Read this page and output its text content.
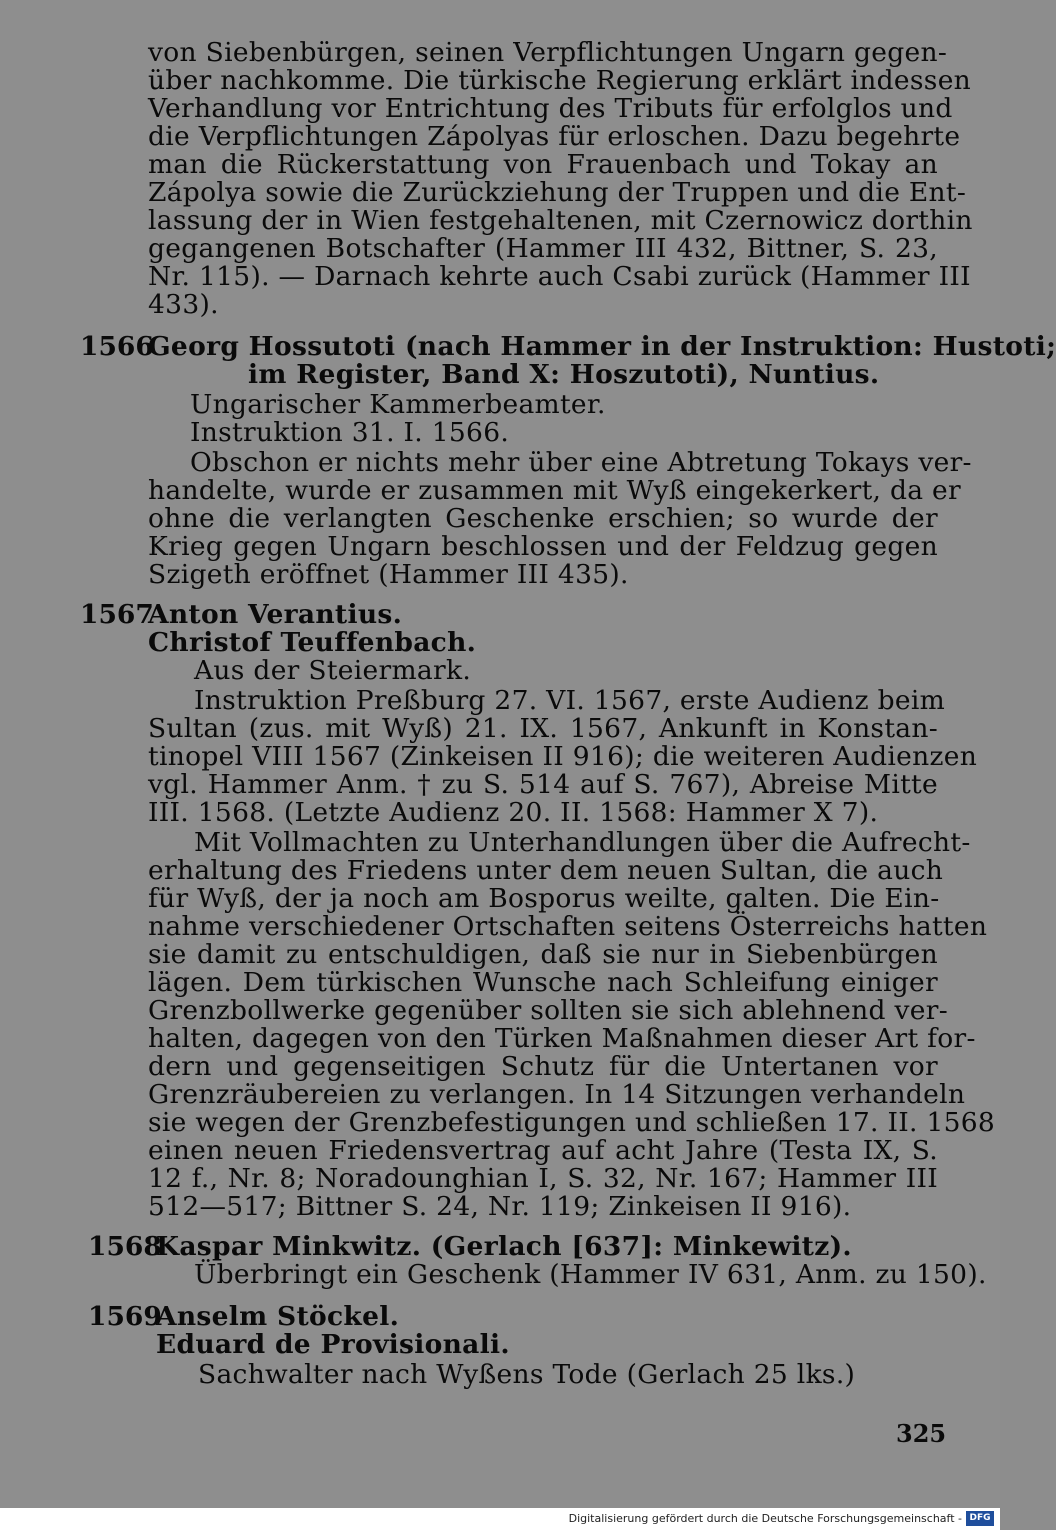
von Siebenbürgen, seinen Verpflichtungen Ungarn gegen-
über nachkomme. Die türkische Regierung erklärt indessen
Verhandlung vor Entrichtung des Tributs für erfolglos und
die Verpflichtungen Zápolyas für erloschen. Dazu begehrte
man die Rückerstattung von Frauenbach und Tokay an
Zápolya sowie die Zurückziehung der Truppen und die Ent-
lassung der in Wien festgehaltenen, mit Czernowicz dorthin
gegangenen Botschafter (Hammer III 432, Bittner, S. 23,
Nr. 115). — Darnach kehrte auch Csabi zurück (Hammer III
433).
1566
Georg Hossutoti (nach Hammer in der Instruktion: Hustoti;
im Register, Band X: Hoszutoti), Nuntius.
Ungarischer Kammerbeamter.
Instruktion 31. I. 1566.
Obschon er nichts mehr über eine Abtretung Tokays ver-
handelte, wurde er zusammen mit Wyß eingekerkert, da er
ohne die verlangten Geschenke erschien; so wurde der
Krieg gegen Ungarn beschlossen und der Feldzug gegen
Szigeth eröffnet (Hammer III 435).
1567
Anton Verantius.
Christof Teuffenbach.
Aus der Steiermark.
Instruktion Preßburg 27. VI. 1567, erste Audienz beim
Sultan (zus. mit Wyß) 21. IX. 1567, Ankunft in Konstan-
tinopel VIII 1567 (Zinkeisen II 916); die weiteren Audienzen
vgl. Hammer Anm. † zu S. 514 auf S. 767), Abreise Mitte
III. 1568. (Letzte Audienz 20. II. 1568: Hammer X 7).
Mit Vollmachten zu Unterhandlungen über die Aufrecht-
erhaltung des Friedens unter dem neuen Sultan, die auch
für Wyß, der ja noch am Bosporus weilte, galten. Die Ein-
nahme verschiedener Ortschaften seitens Österreichs hatten
sie damit zu entschuldigen, daß sie nur in Siebenbürgen
lägen. Dem türkischen Wunsche nach Schleifung einiger
Grenzbollwerke gegenüber sollten sie sich ablehnend ver-
halten, dagegen von den Türken Maßnahmen dieser Art for-
dern und gegenseitigen Schutz für die Untertanen vor
Grenzräubereien zu verlangen. In 14 Sitzungen verhandeln
sie wegen der Grenzbefestigungen und schließen 17. II. 1568
einen neuen Friedensvertrag auf acht Jahre (Testa IX, S.
12 f., Nr. 8; Noradounghian I, S. 32, Nr. 167; Hammer III
512—517; Bittner S. 24, Nr. 119; Zinkeisen II 916).
1568
Kaspar Minkwitz. (Gerlach [637]: Minkewitz).
Überbringt ein Geschenk (Hammer IV 631, Anm. zu 150).
1569
Anselm Stöckel.
Eduard de Provisionali.
Sachwalter nach Wyßens Tode (Gerlach 25 lks.)
325
Digitalisierung gefördert durch die Deutsche Forschungsgemeinschaft - DFG
